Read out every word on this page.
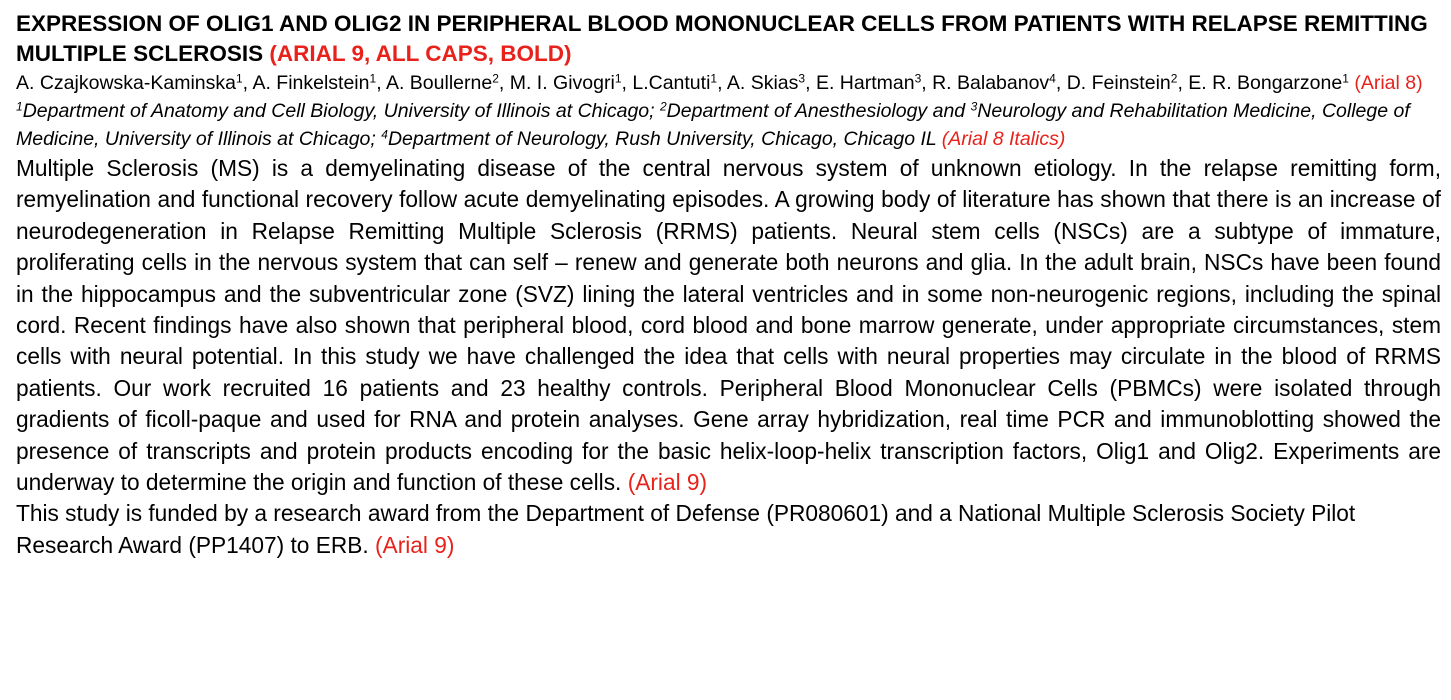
EXPRESSION OF OLIG1 AND OLIG2 IN PERIPHERAL BLOOD MONONUCLEAR CELLS FROM PATIENTS WITH RELAPSE REMITTING MULTIPLE SCLEROSIS (ARIAL 9, ALL CAPS, BOLD)

A. Czajkowska-Kaminska$^1$, A. Finkelstein$^1$, A. Boullerne$^2$, M. I. Givogri$^1$, L.Cantuti$^1$, A. Skias$^3$, E. Hartman$^3$, R. Balabanov$^4$, D. Feinstein$^2$, E. R. Bongarzone$^1$ (Arial 8)

$^1$Department of Anatomy and Cell Biology, University of Illinois at Chicago; $^2$Department of Anesthesiology and $^3$Neurology and Rehabilitation Medicine, College of Medicine, University of Illinois at Chicago; $^4$Department of Neurology, Rush University, Chicago, Chicago IL (Arial 8 Italics)

Multiple Sclerosis (MS) is a demyelinating disease of the central nervous system of unknown etiology. In the relapse remitting form, remyelination and functional recovery follow acute demyelinating episodes. A growing body of literature has shown that there is an increase of neurodegeneration in Relapse Remitting Multiple Sclerosis (RRMS) patients. Neural stem cells (NSCs) are a subtype of immature, proliferating cells in the nervous system that can self – renew and generate both neurons and glia. In the adult brain, NSCs have been found in the hippocampus and the subventricular zone (SVZ) lining the lateral ventricles and in some non-neurogenic regions, including the spinal cord. Recent findings have also shown that peripheral blood, cord blood and bone marrow generate, under appropriate circumstances, stem cells with neural potential. In this study we have challenged the idea that cells with neural properties may circulate in the blood of RRMS patients. Our work recruited 16 patients and 23 healthy controls. Peripheral Blood Mononuclear Cells (PBMCs) were isolated through gradients of ficoll-paque and used for RNA and protein analyses. Gene array hybridization, real time PCR and immunoblotting showed the presence of transcripts and protein products encoding for the basic helix-loop-helix transcription factors, Olig1 and Olig2. Experiments are underway to determine the origin and function of these cells. (Arial 9)

This study is funded by a research award from the Department of Defense (PR080601) and a National Multiple Sclerosis Society Pilot Research Award (PP1407) to ERB. (Arial 9)
